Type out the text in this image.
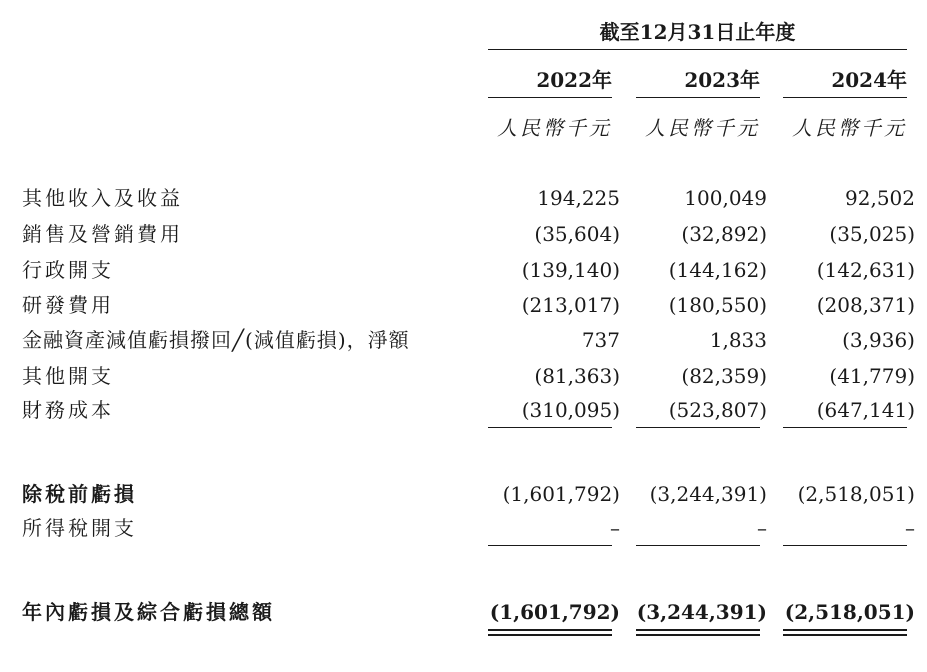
截至12月31日止年度
2022年	2023年	2024年
人民幣千元	人民幣千元	人民幣千元
其他收入及收益	194,225	100,049	92,502
銷售及營銷費用	(35,604)	(32,892)	(35,025)
行政開支	(139,140)	(144,162)	(142,631)
研發費用	(213,017)	(180,550)	(208,371)
金融資產減值虧損撥回╱(減值虧損)，淨額	737	1,833	(3,936)
其他開支	(81,363)	(82,359)	(41,779)
財務成本	(310,095)	(523,807)	(647,141)
除稅前虧損	(1,601,792)	(3,244,391)	(2,518,051)
所得稅開支	–	–	–
年內虧損及綜合虧損總額	(1,601,792) (3,244,391) (2,518,051)
